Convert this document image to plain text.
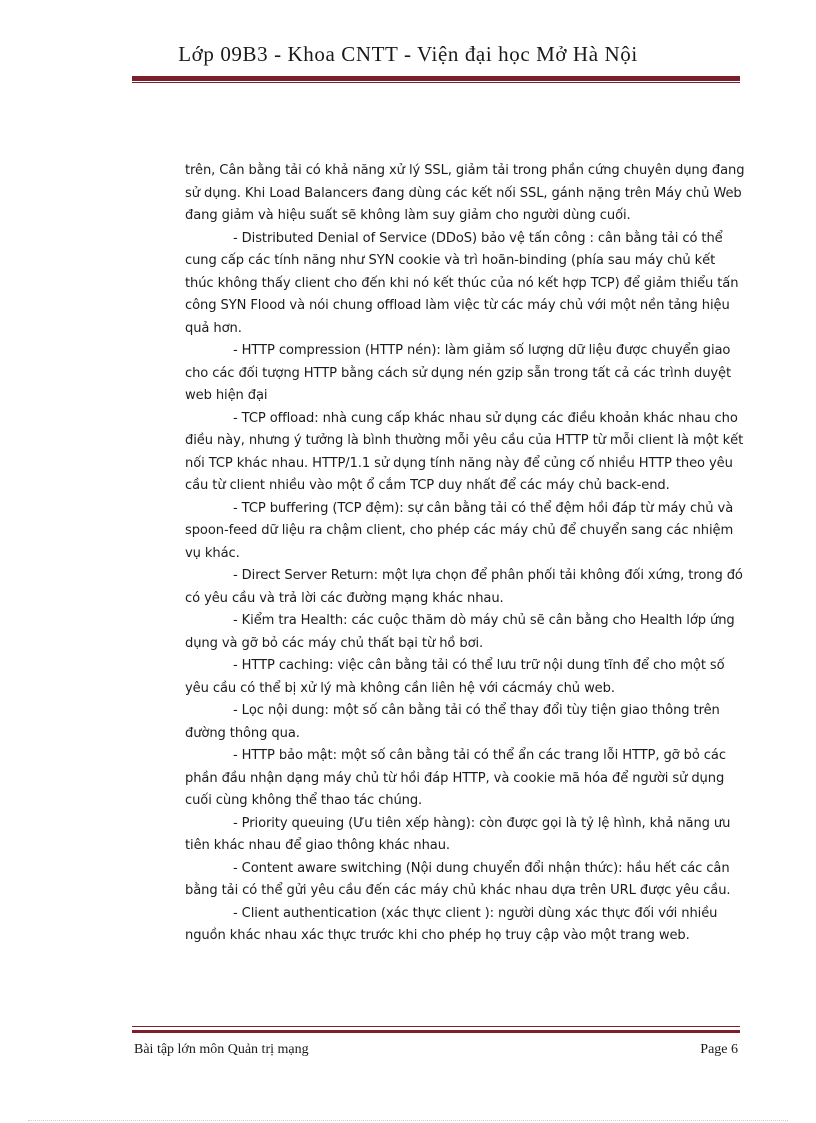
Lớp 09B3 - Khoa CNTT - Viện đại học Mở Hà Nội

trên, Cân bằng tải có khả năng xử lý SSL, giảm tải trong phần cứng chuyên dụng đang sử dụng. Khi Load Balancers đang dùng các kết nối SSL, gánh nặng trên Máy chủ Web đang giảm và hiệu suất sẽ không làm suy giảm cho người dùng cuối.

- Distributed Denial of Service (DDoS) bảo vệ tấn công : cân bằng tải có thể cung cấp các tính năng như SYN cookie và trì hoãn-binding (phía sau máy chủ kết thúc không thấy client cho đến khi nó kết thúc của nó kết hợp TCP) để giảm thiểu tấn công SYN Flood và nói chung offload làm việc từ các máy chủ với một nền tảng hiệu quả hơn.

- HTTP compression (HTTP nén): làm giảm số lượng dữ liệu được chuyển giao cho các đối tượng HTTP bằng cách sử dụng nén gzip sẵn trong tất cả các trình duyệt web hiện đại

- TCP offload: nhà cung cấp khác nhau sử dụng các điều khoản khác nhau cho điều này, nhưng ý tưởng là bình thường mỗi yêu cầu của HTTP từ mỗi client là một kết nối TCP khác nhau. HTTP/1.1 sử dụng tính năng này để củng cố nhiều HTTP theo yêu cầu từ client nhiều vào một ổ cắm TCP duy nhất để các máy chủ back-end.

- TCP buffering (TCP đệm): sự cân bằng tải có thể đệm hồi đáp từ máy chủ và spoon-feed dữ liệu ra chậm client, cho phép các máy chủ để chuyển sang các nhiệm vụ khác.

- Direct Server Return: một lựa chọn để phân phối tải không đối xứng, trong đó có yêu cầu và trả lời các đường mạng khác nhau.

- Kiểm tra Health: các cuộc thăm dò máy chủ sẽ cân bằng cho Health lớp ứng dụng và gỡ bỏ các máy chủ thất bại từ hồ bơi.

- HTTP caching: việc cân bằng tải có thể lưu trữ nội dung tĩnh để cho một số yêu cầu có thể bị xử lý mà không cần liên hệ với cácmáy chủ web.

- Lọc nội dung: một số cân bằng tải có thể thay đổi tùy tiện giao thông trên đường thông qua.

- HTTP bảo mật: một số cân bằng tải có thể ẩn các trang lỗi HTTP, gỡ bỏ các phần đầu nhận dạng máy chủ từ hồi đáp HTTP, và cookie mã hóa để người sử dụng cuối cùng không thể thao tác chúng.

- Priority queuing (Ưu tiên xếp hàng): còn được gọi là tỷ lệ hình, khả năng ưu tiên khác nhau để giao thông khác nhau.

- Content aware switching (Nội dung chuyển đổi nhận thức): hầu hết các cân bằng tải có thể gửi yêu cầu đến các máy chủ khác nhau dựa trên URL được yêu cầu.

- Client authentication (xác thực client ): người dùng xác thực đối với nhiều nguồn khác nhau xác thực trước khi cho phép họ truy cập vào một trang web.

Bài tập lớn môn Quản trị mạng	Page 6
